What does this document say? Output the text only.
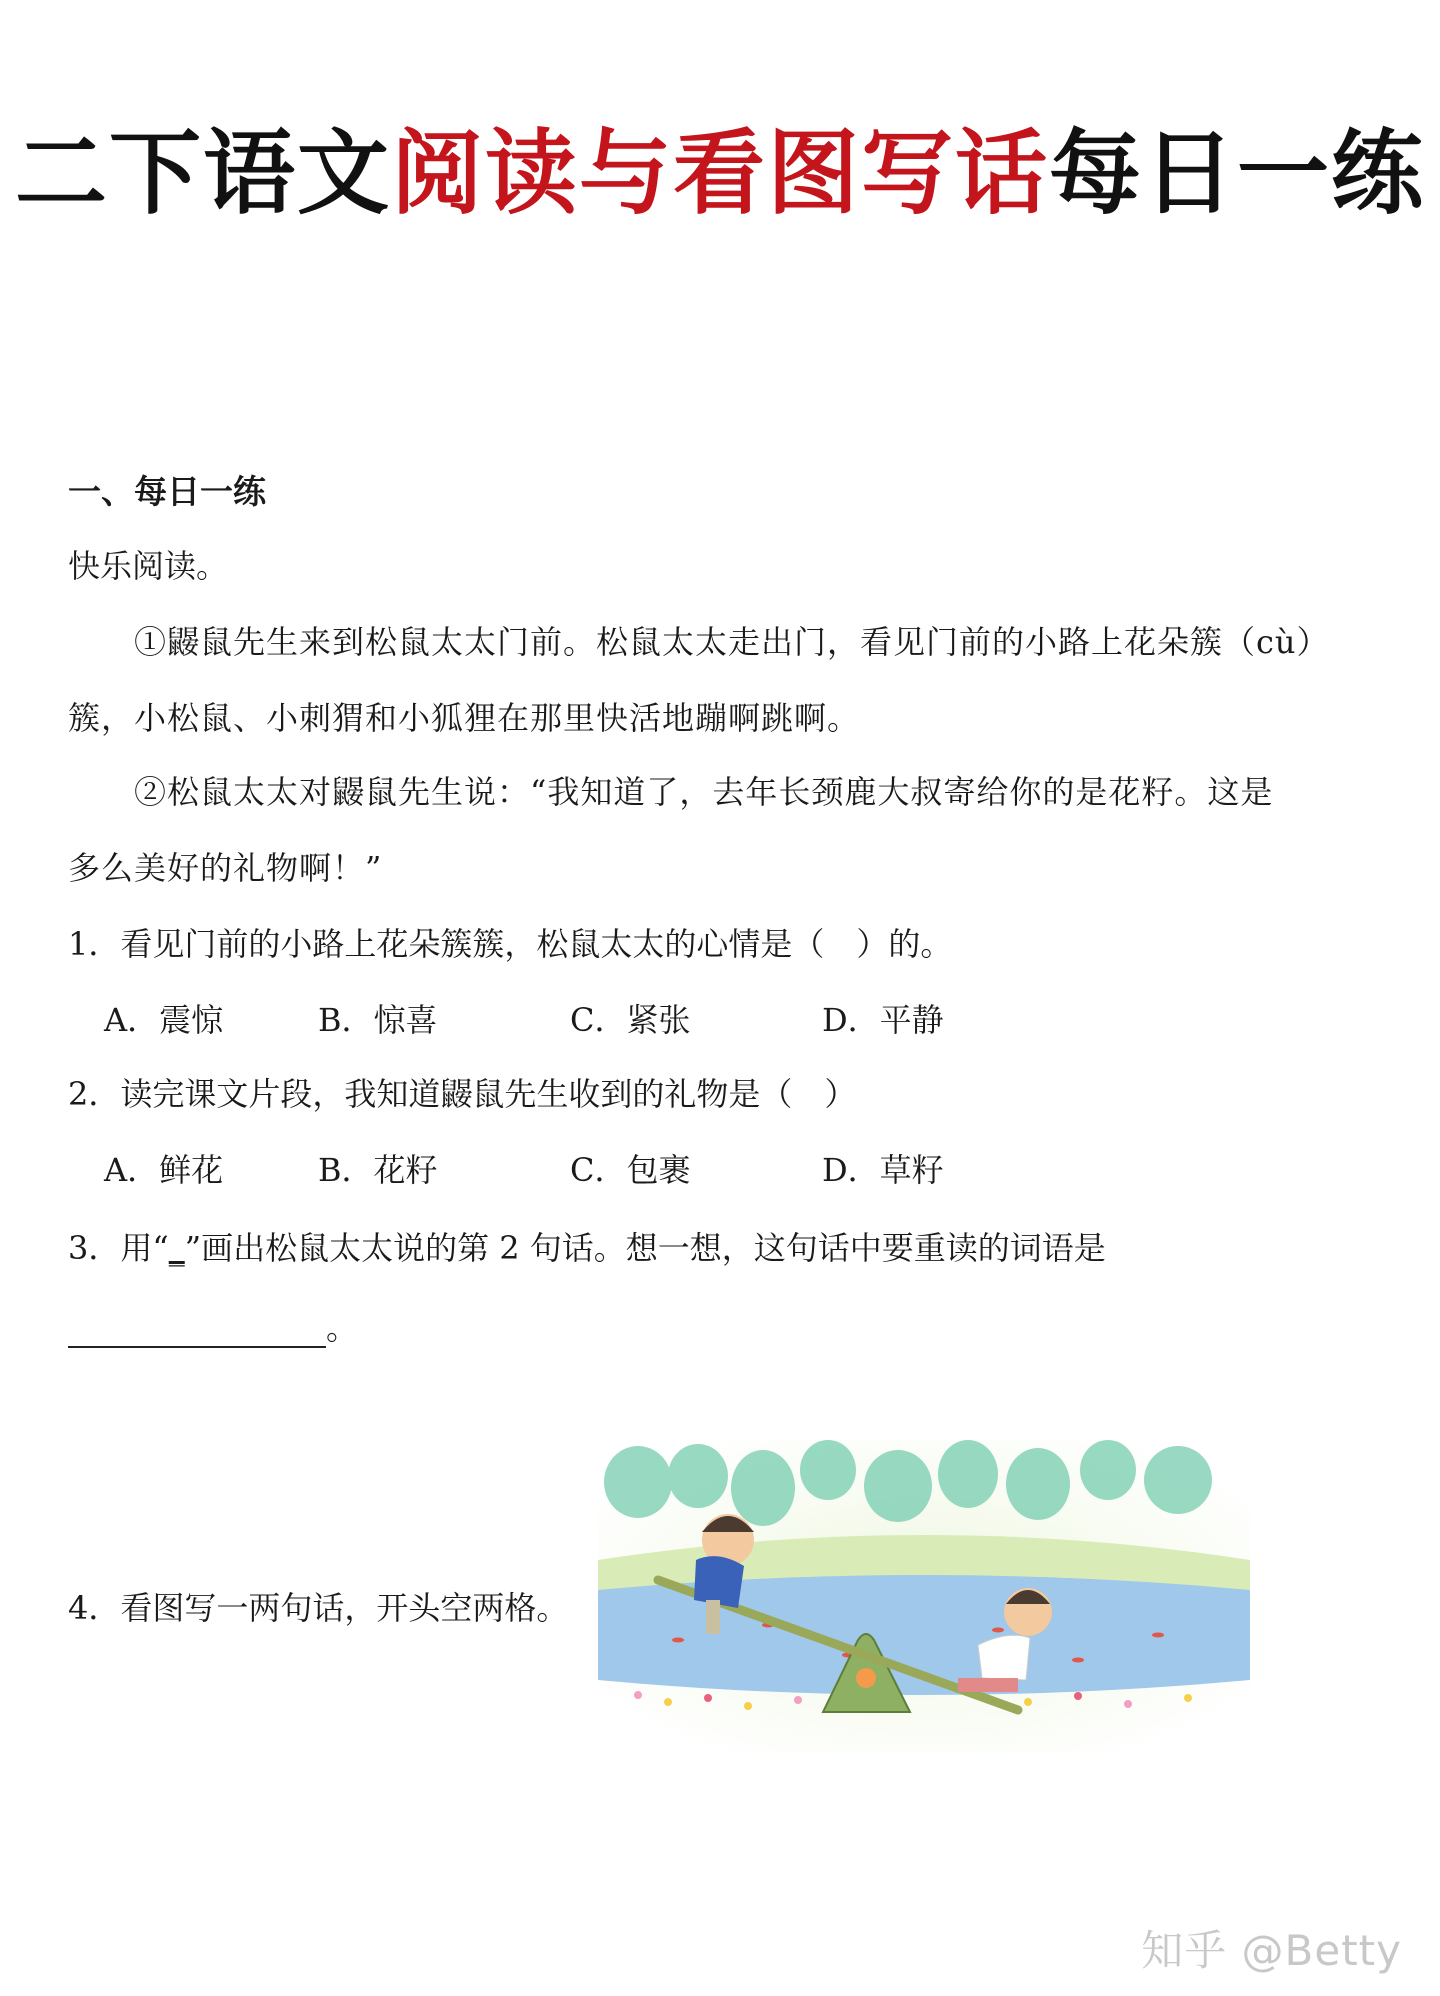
二下语文阅读与看图写话每日一练
一、每日一练
快乐阅读。
①鼹鼠先生来到松鼠太太门前。松鼠太太走出门，看见门前的小路上花朵簇（cù）
簇，小松鼠、小刺猬和小狐狸在那里快活地蹦啊跳啊。
②松鼠太太对鼹鼠先生说：“我知道了，去年长颈鹿大叔寄给你的是花籽。这是
多么美好的礼物啊！”
1．看见门前的小路上花朵簇簇，松鼠太太的心情是（　）的。
A．震惊	B．惊喜	C．紧张	D．平静
2．读完课文片段，我知道鼹鼠先生收到的礼物是（　）
A．鲜花	B．花籽	C．包裹	D．草籽
3．用“_”画出松鼠太太说的第 2 句话。想一想，这句话中要重读的词语是
。
4．看图写一两句话，开头空两格。
知乎 @Betty
